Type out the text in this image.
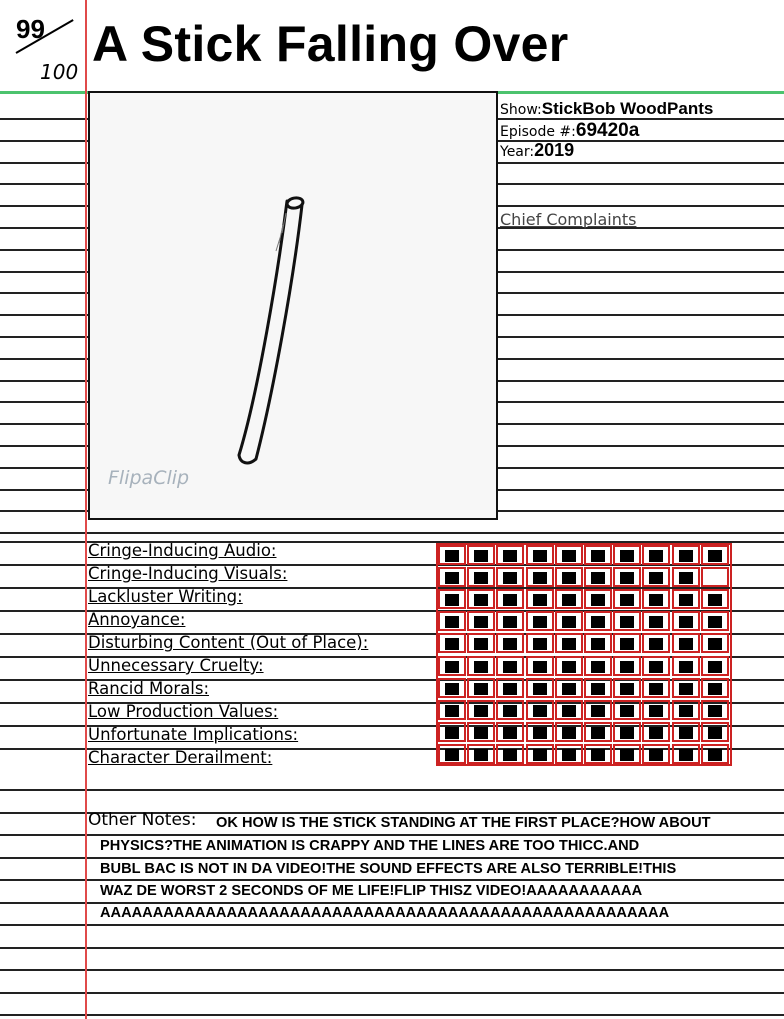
99
100 A Stick Falling Over
FlipaClip
Show:StickBob WoodPants
Episode #:69420a
Year:2019
Chief Complaints
Cringe-Inducing Audio:
Cringe-Inducing Visuals:
Lackluster Writing:
Annoyance:
Disturbing Content (Out of Place):
Unnecessary Cruelty:
Rancid Morals:
Low Production Values:
Unfortunate Implications:
Character Derailment:
Other Notes: OK HOW IS THE STICK STANDING AT THE FIRST PLACE?HOW ABOUT
PHYSICS?THE ANIMATION IS CRAPPY AND THE LINES ARE TOO THICC.AND
BUBL BAC IS NOT IN DA VIDEO!THE SOUND EFFECTS ARE ALSO TERRIBLE!THIS
WAZ DE WORST 2 SECONDS OF ME LIFE!FLIP THISZ VIDEO!AAAAAAAAAAA
AAAAAAAAAAAAAAAAAAAAAAAAAAAAAAAAAAAAAAAAAAAAAAAAAAAAAA
